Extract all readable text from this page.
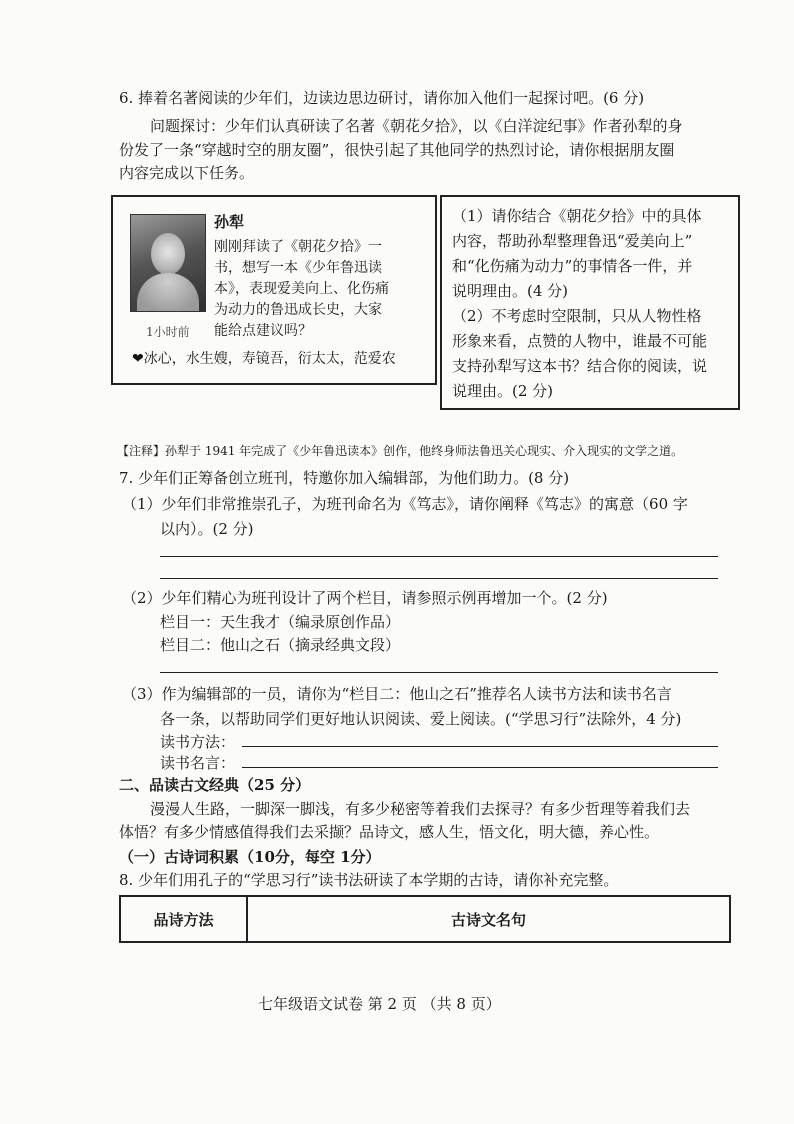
6. 捧着名著阅读的少年们，边读边思边研讨，请你加入他们一起探讨吧。(6 分)
问题探讨：少年们认真研读了名著《朝花夕拾》，以《白洋淀纪事》作者孙犁的身
份发了一条“穿越时空的朋友圈”，很快引起了其他同学的热烈讨论，请你根据朋友圈
内容完成以下任务。
孙犁
刚刚拜读了《朝花夕拾》一
书，想写一本《少年鲁迅读
本》，表现爱美向上、化伤痛
为动力的鲁迅成长史，大家
能给点建议吗？
1小时前
❤冰心，水生嫂，寿镜吾，衍太太，范爱农
（1）请你结合《朝花夕拾》中的具体
内容，帮助孙犁整理鲁迅“爱美向上”
和“化伤痛为动力”的事情各一件，并
说明理由。(4 分)
（2）不考虑时空限制，只从人物性格
形象来看，点赞的人物中，谁最不可能
支持孙犁写这本书？结合你的阅读，说
说理由。(2 分)
【注释】孙犁于 1941 年完成了《少年鲁迅读本》创作，他终身师法鲁迅关心现实、介入现实的文学之道。
7. 少年们正筹备创立班刊，特邀你加入编辑部，为他们助力。(8 分)
（1）少年们非常推崇孔子，为班刊命名为《笃志》，请你阐释《笃志》的寓意（60 字
以内）。(2 分)
（2）少年们精心为班刊设计了两个栏目，请参照示例再增加一个。(2 分)
栏目一：天生我才（编录原创作品）
栏目二：他山之石（摘录经典文段）
（3）作为编辑部的一员，请你为“栏目二：他山之石”推荐名人读书方法和读书名言
各一条，以帮助同学们更好地认识阅读、爱上阅读。(“学思习行”法除外，4 分)
读书方法：
读书名言：
二、品读古文经典（25 分）
漫漫人生路，一脚深一脚浅，有多少秘密等着我们去探寻？有多少哲理等着我们去
体悟？有多少情感值得我们去采撷？品诗文，感人生，悟文化，明大德，养心性。
（一）古诗词积累（10分，每空 1分）
8. 少年们用孔子的“学思习行”读书法研读了本学期的古诗，请你补充完整。
品诗方法	古诗文名句
七年级语文试卷 第 2 页 （共 8 页）
